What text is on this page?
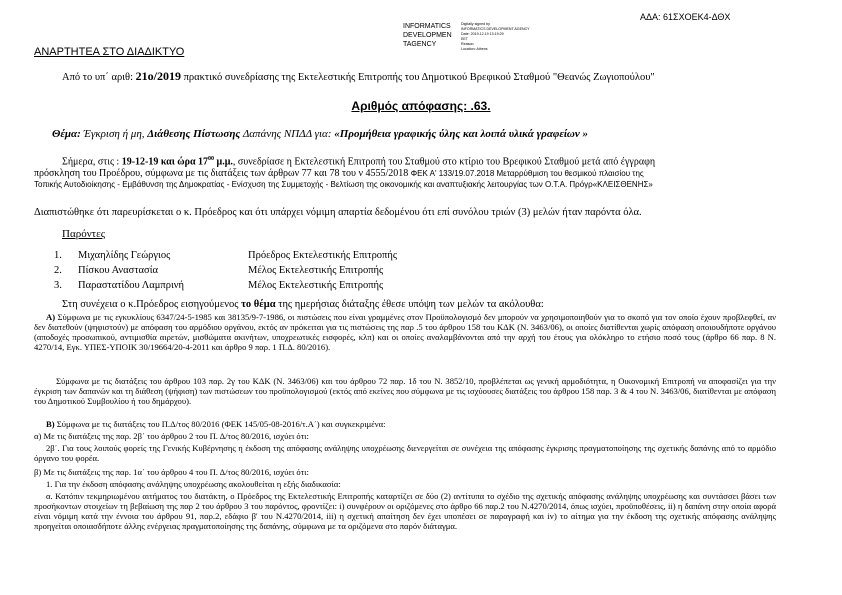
ΑΔΑ: 61ΣΧΟΕΚ4-ΔΘΧ
INFORMATICS
DEVELOPMEN
TAGENCY
Digitally signed by
INFORMATICS DEVELOPMENT AGENCY
Date: 2019.12.19 13:19:29
EET
Reason:
Location: Athens
ΑΝΑΡΤΗΤΕΑ ΣΤΟ ΔΙΑΔΙΚΤΥΟ
Από το υπ΄ αριθ: 21ο/2019 πρακτικό συνεδρίασης της Εκτελεστικής Επιτροπής του Δημοτικού Βρεφικού Σταθμού "Θεανώς Ζωγιοπούλου"
Αριθμός απόφασης: .63.
Θέμα: Έγκριση ή μη, Διάθεσης Πίστωσης Δαπάνης ΝΠΔΔ για: «Προμήθεια γραφικής ύλης και λοιπά υλικά γραφείων »
Σήμερα, στις : 19-12-19 και ώρα $17^{00}$ μ.μ., συνεδρίασε η Εκτελεστική Επιτροπή του Σταθμού στο κτίριο του Βρεφικού Σταθμού μετά από έγγραφη
πρόσκληση του Προέδρου, σύμφωνα με τις διατάξεις των άρθρων 77 και 78 του ν 4555/2018 ΦΕΚ Α' 133/19.07.2018 Μεταρρύθμιση του θεσμικού πλαισίου της
Τοπικής Αυτοδιοίκησης - Εμβάθυνση της Δημοκρατίας - Ενίσχυση της Συμμετοχής - Βελτίωση της οικονομικής και αναπτυξιακής λειτουργίας των Ο.Τ.Α. Πρόγρ«ΚΛΕΙΣΘΕΝΗΣ»
Διαπιστώθηκε ότι παρευρίσκεται ο κ. Πρόεδρος και ότι υπάρχει νόμιμη απαρτία δεδομένου ότι επί συνόλου τριών (3) μελών ήταν παρόντα όλα.
Παρόντες
1. Μιχαηλίδης Γεώργιος	Πρόεδρος Εκτελεστικής Επιτροπής
2. Πίσκου Αναστασία	Μέλος Εκτελεστικής Επιτροπής
3. Παραστατίδου Λαμπρινή	Μέλος Εκτελεστικής Επιτροπής
Στη συνέχεια ο κ.Πρόεδρος εισηγούμενος το θέμα της ημερήσιας διάταξης έθεσε υπόψη των μελών τα ακόλουθα:
Α) Σύμφωνα με τις εγκυκλίους 6347/24-5-1985 και 38135/9-7-1986, οι πιστώσεις που είναι γραμμένες στον Προϋπολογισμό δεν μπορούν να χρησιμοποιηθούν για το σκοπό για τον οποίο έχουν προβλεφθεί, αν δεν διατεθούν (ψηφιστούν) με απόφαση του αρμόδιου οργάνου, εκτός αν πρόκειται για τις πιστώσεις της παρ .5 του άρθρου 158 του ΚΔΚ (Ν. 3463/06), οι οποίες διατίθενται χωρίς απόφαση οποιουδήποτε οργάνου (αποδοχές προσωπικού, αντιμισθία αιρετών, μισθώματα ακινήτων, υποχρεωτικές εισφορές, κλπ) και οι οποίες αναλαμβάνονται από την αρχή του έτους για ολόκληρο το ετήσιο ποσό τους (άρθρο 66 παρ. 8 Ν. 4270/14, Εγκ. ΥΠΕΣ-ΥΠΟΙΚ 30/19664/20-4-2011 και άρθρο 9 παρ. 1 Π.Δ. 80/2016).
Σύμφωνα με τις διατάξεις του άρθρου 103 παρ. 2γ του ΚΔΚ (Ν. 3463/06) και του άρθρου 72 παρ. 1δ του Ν. 3852/10, προβλέπεται ως γενική αρμοδιότητα, η Οικονομική Επιτροπή να αποφασίζει για την έγκριση των δαπανών και τη διάθεση (ψήφιση) των πιστώσεων του προϋπολογισμού (εκτός από εκείνες που σύμφωνα με τις ισχύουσες διατάξεις του άρθρου 158 παρ. 3 & 4 του Ν. 3463/06, διατίθενται με απόφαση του Δημοτικού Συμβουλίου ή του δημάρχου).
Β) Σύμφωνα με τις διατάξεις του Π.Δ/τος 80/2016 (ΦΕΚ 145/05-08-2016/τ.Α΄) και συγκεκριμένα:
α) Με τις διατάξεις της παρ. 2β΄ του άρθρου 2 του Π. Δ/τος 80/2016, ισχύει ότι:
2β΄. Για τους λοιπούς φορείς της Γενικής Κυβέρνησης η έκδοση της απόφασης ανάληψης υποχρέωσης διενεργείται σε συνέχεια της απόφασης έγκρισης πραγματοποίησης της σχετικής δαπάνης από το αρμόδιο όργανο του φορέα.
β) Με τις διατάξεις της παρ. 1α΄ του άρθρου 4 του Π. Δ/τος 80/2016, ισχύει ότι:
1. Για την έκδοση απόφασης ανάληψης υποχρέωσης ακολουθείται η εξής διαδικασία:
α. Κατόπιν τεκμηριωμένου αιτήματος του διατάκτη, ο Πρόεδρος της Εκτελεστικής Επιτροπής καταρτίζει σε δύο (2) αντίτυπα το σχέδιο της σχετικής απόφασης ανάληψης υποχρέωσης και συντάσσει βάσει των προσήκοντων στοιχείων τη βεβαίωση της παρ 2 του άρθρου 3 του παρόντος, φροντίζει: i) συνφέρουν οι οριζόμενες στο άρθρο 66 παρ.2 του Ν.4270/2014, όπως ισχύει, προϋποθέσεις, ii) η δαπάνη στην οποία αφορά είναι νόμιμη κατά την έννοια του άρθρου 91, παρ.2, εδάφιο β' του Ν.4270/2014, iii) η σχετική απαίτηση δεν έχει υποπέσει σε παραγραφή και iv) το αίτημα για την έκδοση της σχετικής απόφασης ανάληψης προηγείται οποιασδήποτε άλλης ενέργειας πραγματοποίησης της δαπάνης, σύμφωνα με τα οριζόμενα στο παρόν διάταγμα.
